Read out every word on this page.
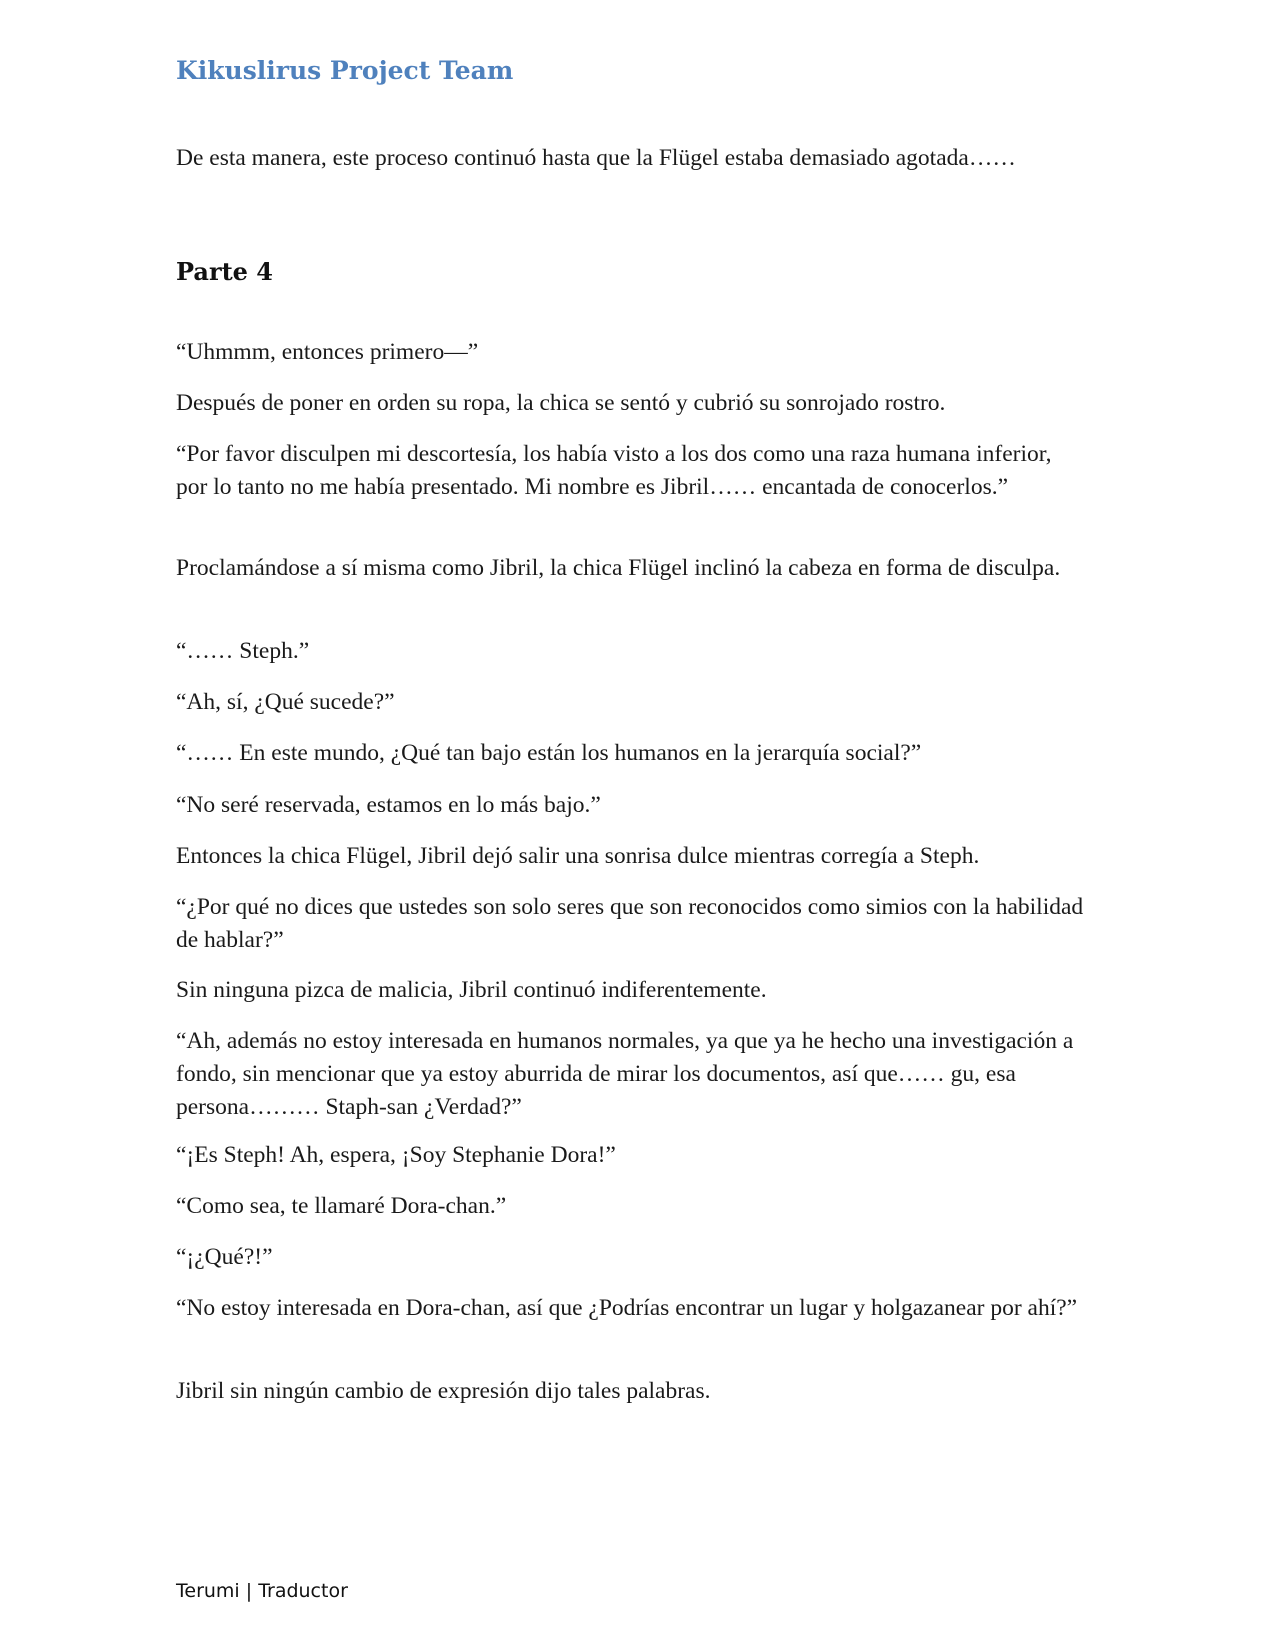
Kikuslirus Project Team

De esta manera, este proceso continuó hasta que la Flügel estaba demasiado agotada……

Parte 4

“Uhmmm, entonces primero—”

Después de poner en orden su ropa, la chica se sentó y cubrió su sonrojado rostro.

“Por favor disculpen mi descortesía, los había visto a los dos como una raza humana inferior, por lo tanto no me había presentado. Mi nombre es Jibril…… encantada de conocerlos.”

Proclamándose a sí misma como Jibril, la chica Flügel inclinó la cabeza en forma de disculpa.

“…… Steph.”

“Ah, sí, ¿Qué sucede?”

“…… En este mundo, ¿Qué tan bajo están los humanos en la jerarquía social?”

“No seré reservada, estamos en lo más bajo.”

Entonces la chica Flügel, Jibril dejó salir una sonrisa dulce mientras corregía a Steph.

“¿Por qué no dices que ustedes son solo seres que son reconocidos como simios con la habilidad de hablar?”

Sin ninguna pizca de malicia, Jibril continuó indiferentemente.

“Ah, además no estoy interesada en humanos normales, ya que ya he hecho una investigación a fondo, sin mencionar que ya estoy aburrida de mirar los documentos, así que…… gu, esa persona……… Staph-san ¿Verdad?”

“¡Es Steph! Ah, espera, ¡Soy Stephanie Dora!”

“Como sea, te llamaré Dora-chan.”

“¡¿Qué?!”

“No estoy interesada en Dora-chan, así que ¿Podrías encontrar un lugar y holgazanear por ahí?”

Jibril sin ningún cambio de expresión dijo tales palabras.

Terumi | Traductor
